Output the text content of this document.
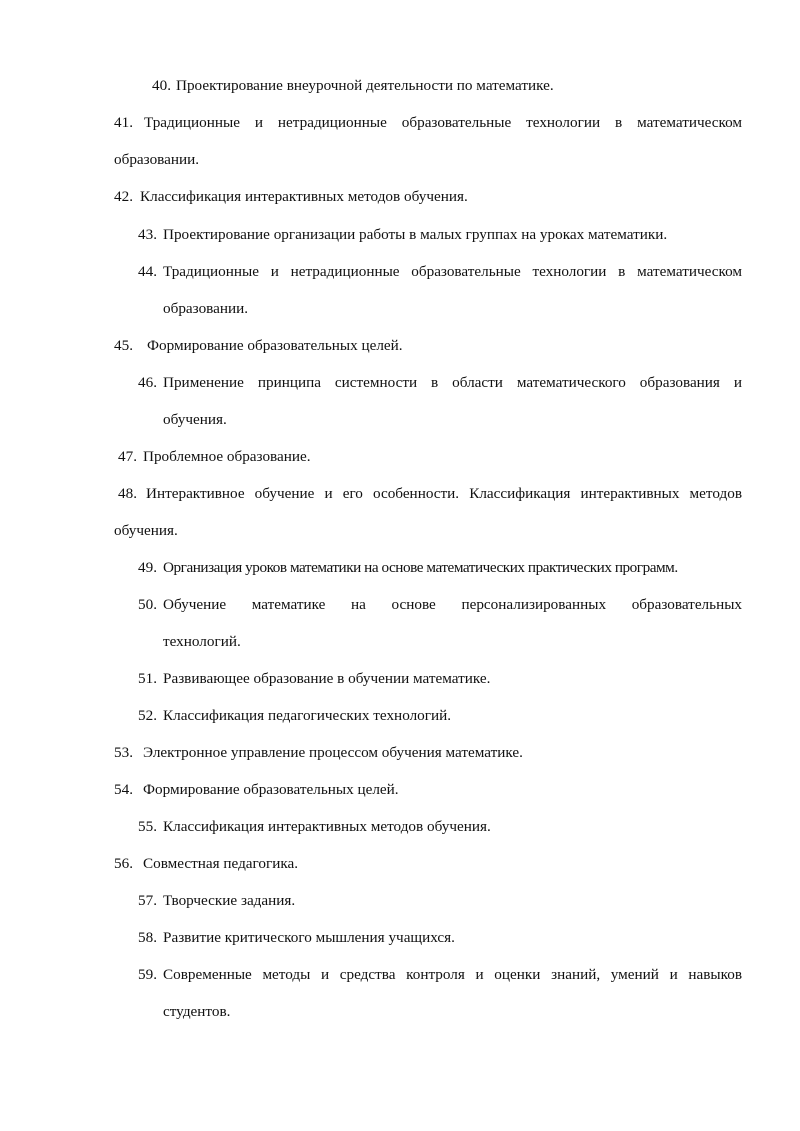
40. Проектирование внеурочной деятельности по математике.
41. Традиционные и нетрадиционные образовательные технологии в математическом
образовании.
42. Классификация интерактивных методов обучения.
43. Проектирование организации работы в малых группах на уроках математики.
44. Традиционные и нетрадиционные образовательные технологии в математическом
образовании.
45. Формирование образовательных целей.
46. Применение принципа системности в области математического образования и
обучения.
47. Проблемное образование.
48. Интерактивное обучение и его особенности. Классификация интерактивных методов
обучения.
49. Организация уроков математики на основе математических практических программ.
50. Обучение математике на основе персонализированных образовательных
технологий.
51. Развивающее образование в обучении математике.
52. Классификация педагогических технологий.
53. Электронное управление процессом обучения математике.
54. Формирование образовательных целей.
55. Классификация интерактивных методов обучения.
56. Совместная педагогика.
57. Творческие задания.
58. Развитие критического мышления учащихся.
59. Современные методы и средства контроля и оценки знаний, умений и навыков
студентов.
